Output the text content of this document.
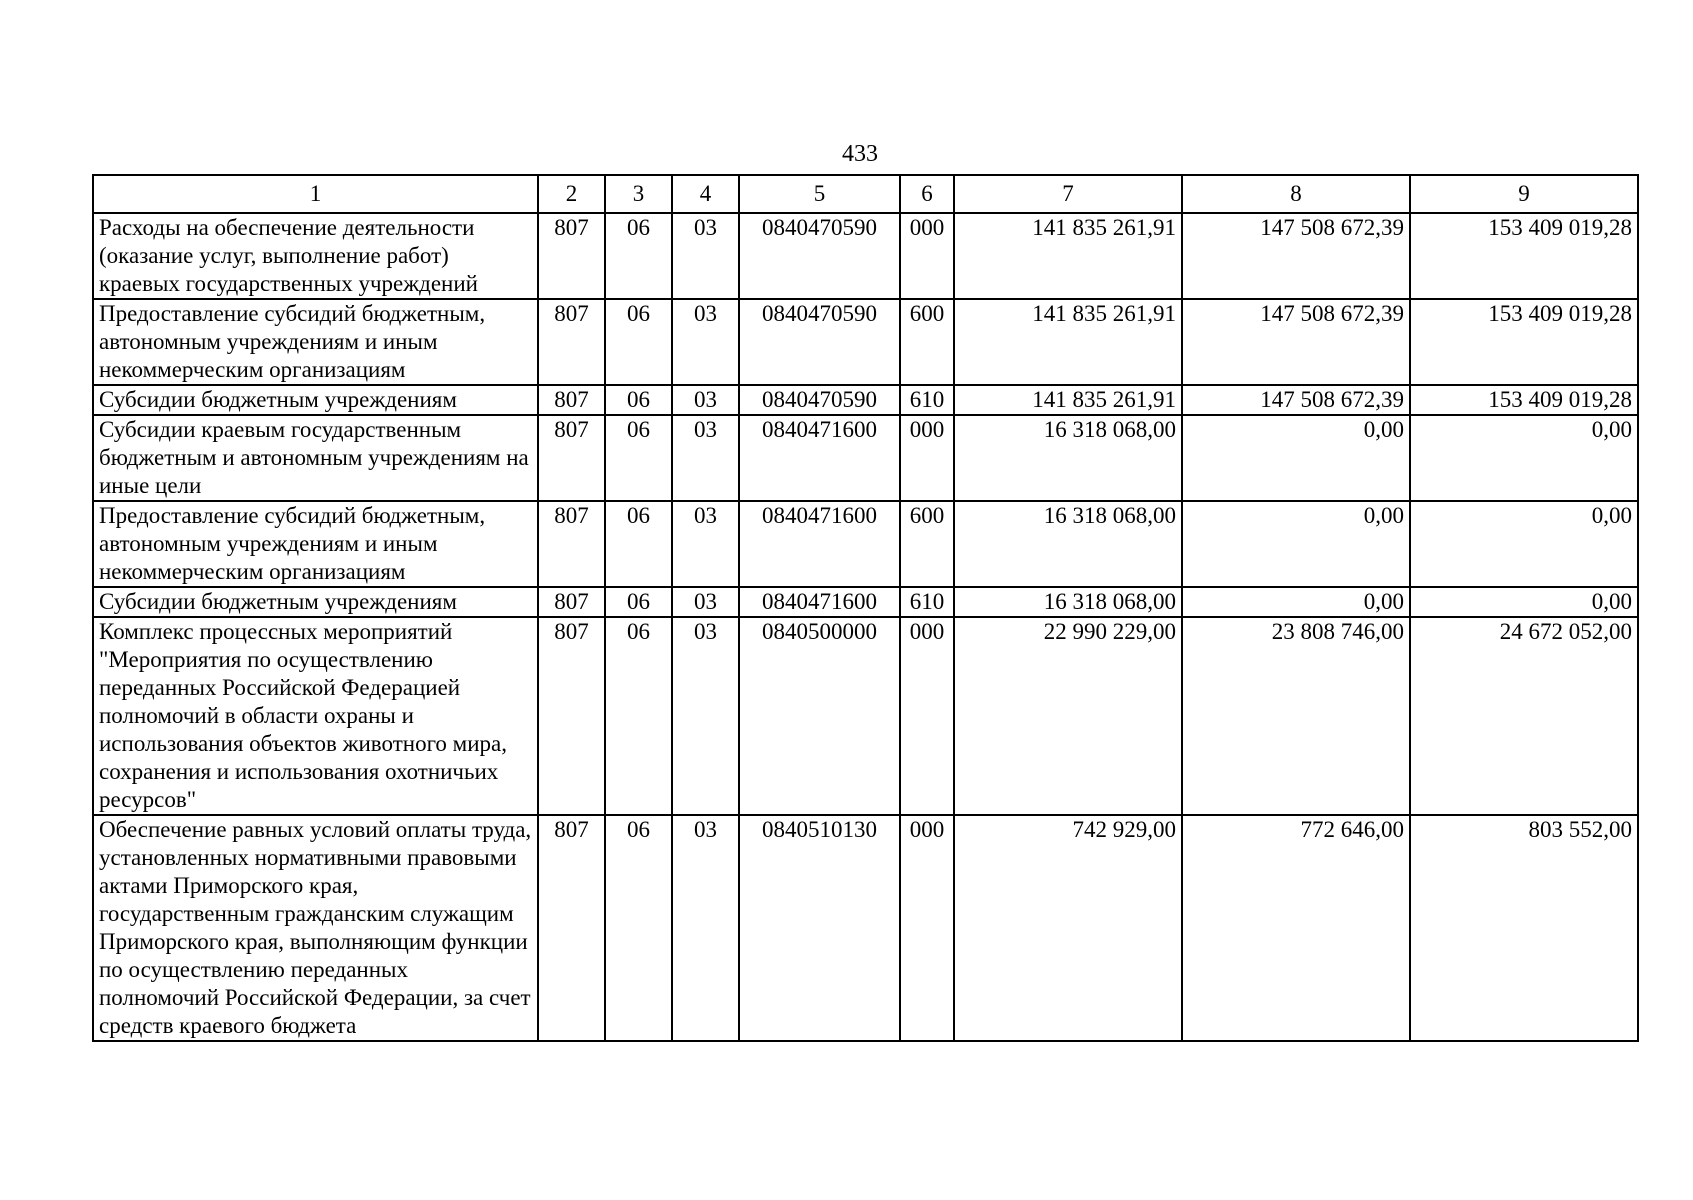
433
1	2	3	4	5	6	7	8	9
Расходы на обеспечение деятельности (оказание услуг, выполнение работ) краевых государственных учреждений	807	06	03	0840470590	000	141 835 261,91	147 508 672,39	153 409 019,28
Предоставление субсидий бюджетным, автономным учреждениям и иным некоммерческим организациям	807	06	03	0840470590	600	141 835 261,91	147 508 672,39	153 409 019,28
Субсидии бюджетным учреждениям	807	06	03	0840470590	610	141 835 261,91	147 508 672,39	153 409 019,28
Субсидии краевым государственным бюджетным и автономным учреждениям на иные цели	807	06	03	0840471600	000	16 318 068,00	0,00	0,00
Предоставление субсидий бюджетным, автономным учреждениям и иным некоммерческим организациям	807	06	03	0840471600	600	16 318 068,00	0,00	0,00
Субсидии бюджетным учреждениям	807	06	03	0840471600	610	16 318 068,00	0,00	0,00
Комплекс процессных мероприятий "Мероприятия по осуществлению переданных Российской Федерацией полномочий в области охраны и использования объектов животного мира, сохранения и использования охотничьих ресурсов"	807	06	03	0840500000	000	22 990 229,00	23 808 746,00	24 672 052,00
Обеспечение равных условий оплаты труда, установленных нормативными правовыми актами Приморского края, государственным гражданским служащим Приморского края, выполняющим функции по осуществлению переданных полномочий Российской Федерации, за счет средств краевого бюджета	807	06	03	0840510130	000	742 929,00	772 646,00	803 552,00
